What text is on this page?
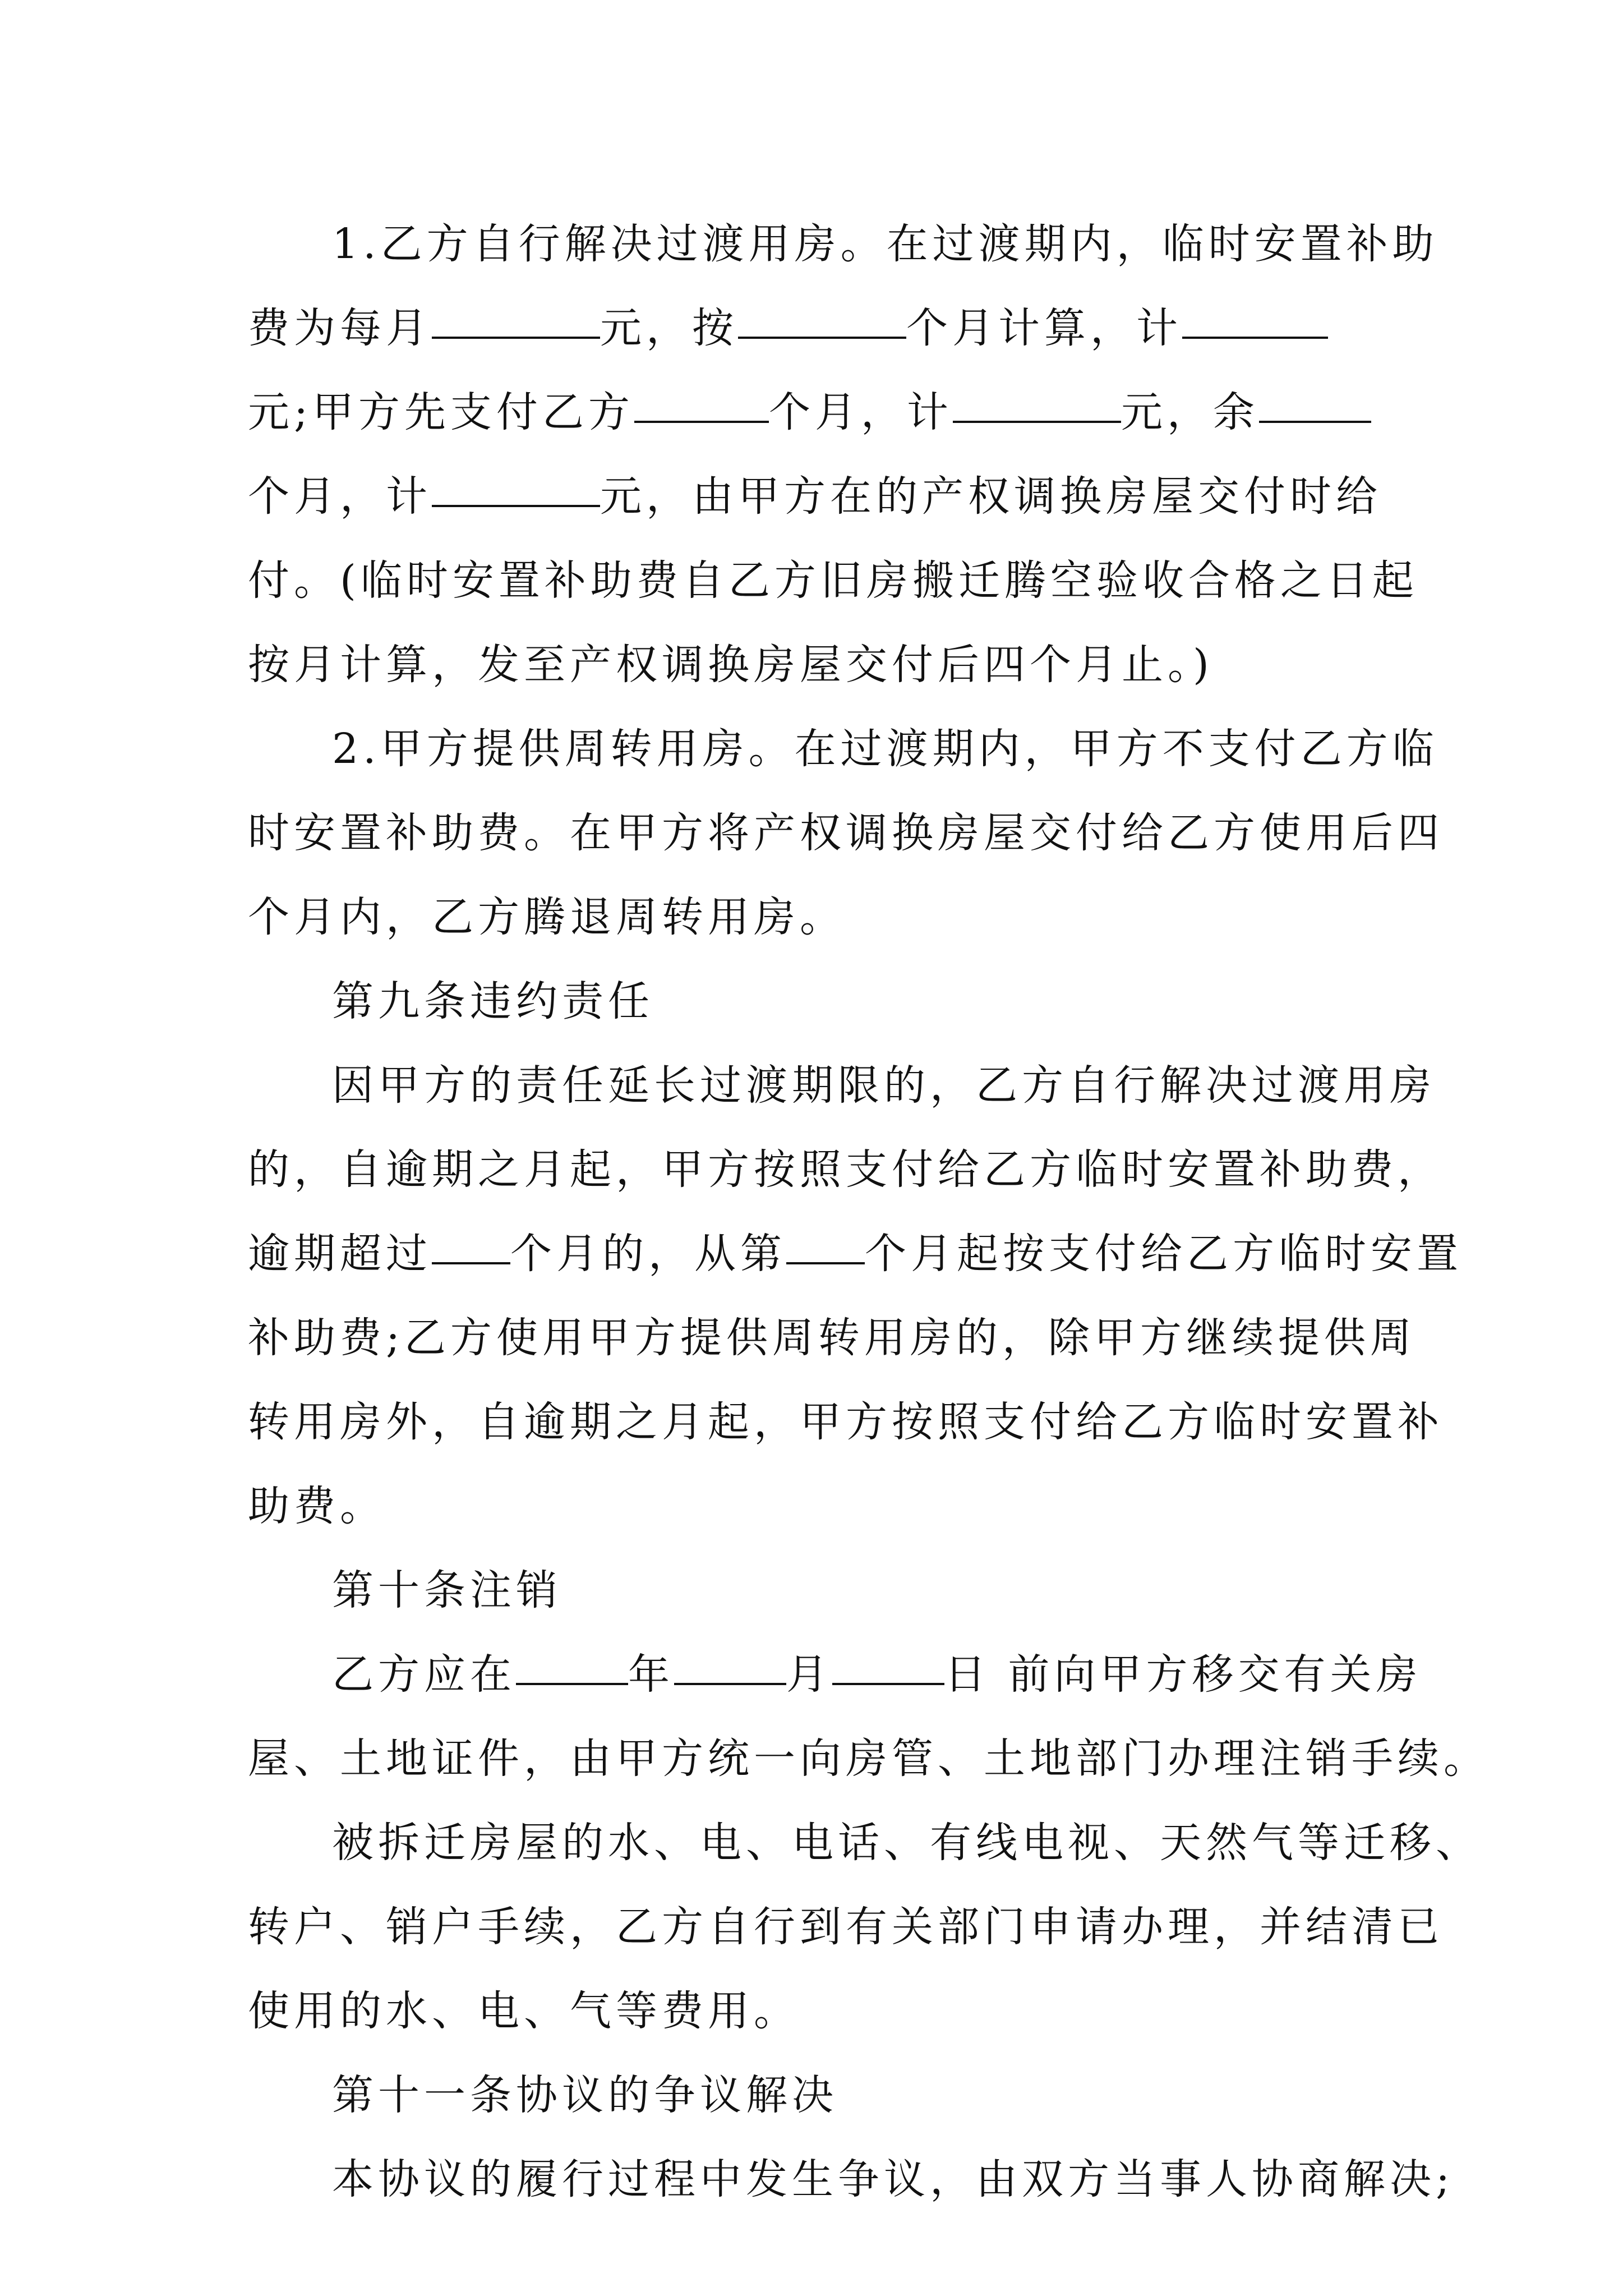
1.乙方自行解决过渡用房。在过渡期内，临时安置补助
费为每月	元，按	个月计算，计
元;甲方先支付乙方	个月，计	元，余
个月，计	元，由甲方在的产权调换房屋交付时给
付。(临时安置补助费自乙方旧房搬迁腾空验收合格之日起
按月计算，发至产权调换房屋交付后四个月止。)
2.甲方提供周转用房。在过渡期内，甲方不支付乙方临
时安置补助费。在甲方将产权调换房屋交付给乙方使用后四
个月内，乙方腾退周转用房。
第九条违约责任
因甲方的责任延长过渡期限的，乙方自行解决过渡用房
的，自逾期之月起，甲方按照支付给乙方临时安置补助费，
逾期超过 个月的，从第 个月起按支付给乙方临时安置
补助费;乙方使用甲方提供周转用房的，除甲方继续提供周
转用房外，自逾期之月起，甲方按照支付给乙方临时安置补
助费。
第十条注销
乙方应在	年	月	日 前向甲方移交有关房
屋、土地证件，由甲方统一向房管、土地部门办理注销手续。
被拆迁房屋的水、电、电话、有线电视、天然气等迁移、
转户、销户手续，乙方自行到有关部门申请办理，并结清已
使用的水、电、气等费用。
第十一条协议的争议解决
本协议的履行过程中发生争议，由双方当事人协商解决;
